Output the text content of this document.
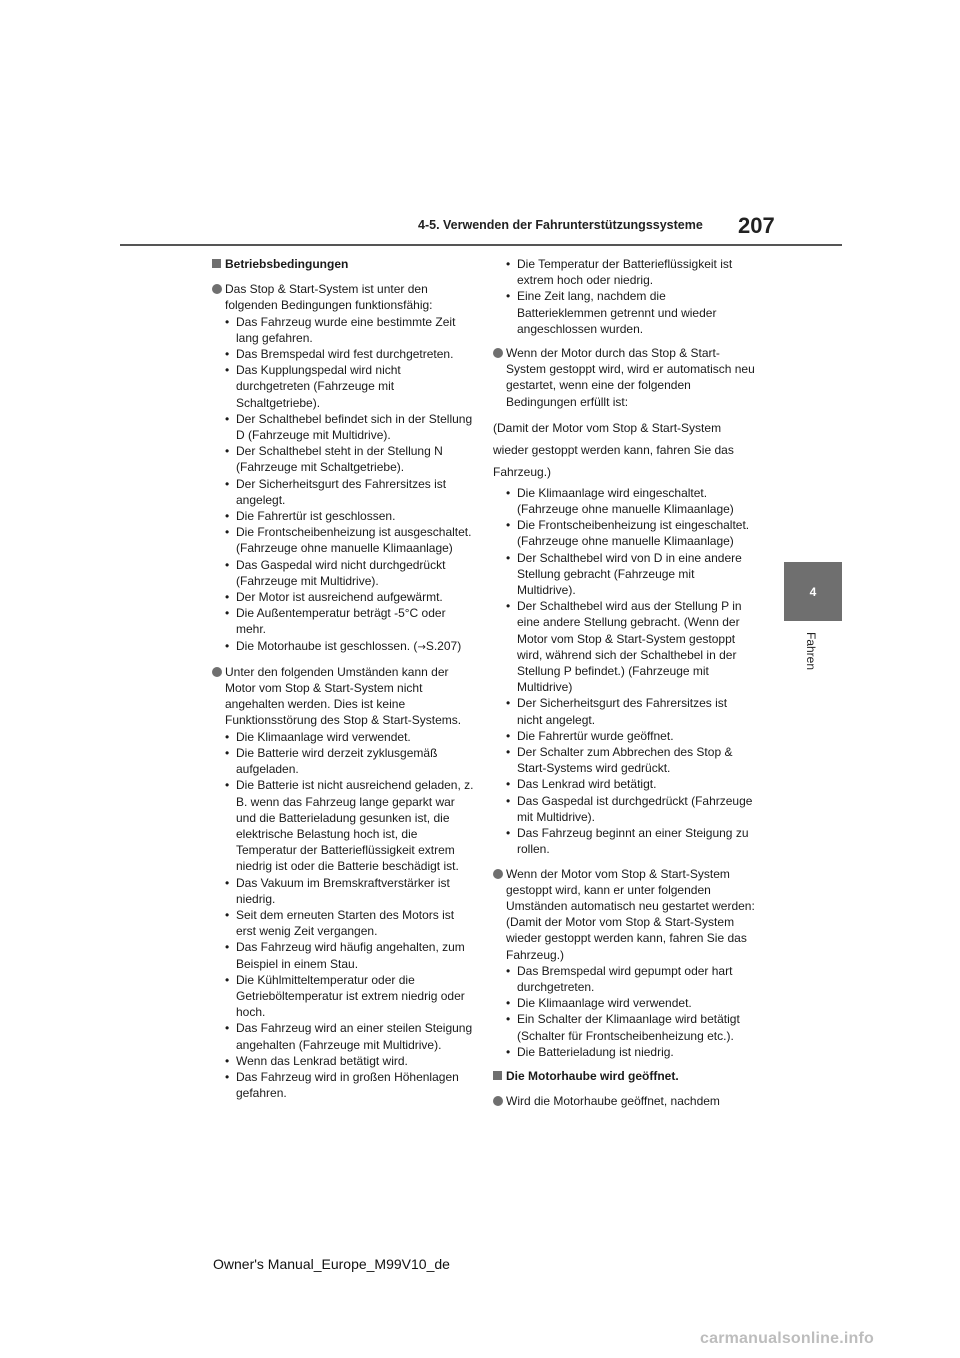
4-5. Verwenden der Fahrunterstützungssysteme 207
4
Fahren
Betriebsbedingungen
Das Stop & Start-System ist unter den folgenden Bedingungen funktionsfähig:
• Das Fahrzeug wurde eine bestimmte Zeit lang gefahren.
• Das Bremspedal wird fest durchgetreten.
• Das Kupplungspedal wird nicht durchgetreten (Fahrzeuge mit Schaltgetriebe).
• Der Schalthebel befindet sich in der Stellung D (Fahrzeuge mit Multidrive).
• Der Schalthebel steht in der Stellung N (Fahrzeuge mit Schaltgetriebe).
• Der Sicherheitsgurt des Fahrersitzes ist angelegt.
• Die Fahrertür ist geschlossen.
• Die Frontscheibenheizung ist ausgeschaltet. (Fahrzeuge ohne manuelle Klimaanlage)
• Das Gaspedal wird nicht durchgedrückt (Fahrzeuge mit Multidrive).
• Der Motor ist ausreichend aufgewärmt.
• Die Außentemperatur beträgt -5°C oder mehr.
• Die Motorhaube ist geschlossen. (→S.207)
Unter den folgenden Umständen kann der Motor vom Stop & Start-System nicht angehalten werden. Dies ist keine Funktionsstörung des Stop & Start-Systems.
• Die Klimaanlage wird verwendet.
• Die Batterie wird derzeit zyklusgemäß aufgeladen.
• Die Batterie ist nicht ausreichend geladen, z. B. wenn das Fahrzeug lange geparkt war und die Batterieladung gesunken ist, die elektrische Belastung hoch ist, die Temperatur der Batterieflüssigkeit extrem niedrig ist oder die Batterie beschädigt ist.
• Das Vakuum im Bremskraftverstärker ist niedrig.
• Seit dem erneuten Starten des Motors ist erst wenig Zeit vergangen.
• Das Fahrzeug wird häufig angehalten, zum Beispiel in einem Stau.
• Die Kühlmitteltemperatur oder die Getrieböltemperatur ist extrem niedrig oder hoch.
• Das Fahrzeug wird an einer steilen Steigung angehalten (Fahrzeuge mit Multidrive).
• Wenn das Lenkrad betätigt wird.
• Das Fahrzeug wird in großen Höhenlagen gefahren.
• Die Temperatur der Batterieflüssigkeit ist extrem hoch oder niedrig.
• Eine Zeit lang, nachdem die Batterieklemmen getrennt und wieder angeschlossen wurden.
Wenn der Motor durch das Stop & Start-System gestoppt wird, wird er automatisch neu gestartet, wenn eine der folgenden Bedingungen erfüllt ist:

(Damit der Motor vom Stop & Start-System

wieder gestoppt werden kann, fahren Sie das

Fahrzeug.)

• Die Klimaanlage wird eingeschaltet. (Fahrzeuge ohne manuelle Klimaanlage)
• Die Frontscheibenheizung ist eingeschaltet. (Fahrzeuge ohne manuelle Klimaanlage)
• Der Schalthebel wird von D in eine andere Stellung gebracht (Fahrzeuge mit Multidrive).
• Der Schalthebel wird aus der Stellung P in eine andere Stellung gebracht. (Wenn der Motor vom Stop & Start-System gestoppt wird, während sich der Schalthebel in der Stellung P befindet.) (Fahrzeuge mit Multidrive)
• Der Sicherheitsgurt des Fahrersitzes ist nicht angelegt.
• Die Fahrertür wurde geöffnet.
• Der Schalter zum Abbrechen des Stop & Start-Systems wird gedrückt.
• Das Lenkrad wird betätigt.
• Das Gaspedal ist durchgedrückt (Fahrzeuge mit Multidrive).
• Das Fahrzeug beginnt an einer Steigung zu rollen.
Wenn der Motor vom Stop & Start-System gestoppt wird, kann er unter folgenden Umständen automatisch neu gestartet werden: (Damit der Motor vom Stop & Start-System wieder gestoppt werden kann, fahren Sie das Fahrzeug.)
• Das Bremspedal wird gepumpt oder hart durchgetreten.
• Die Klimaanlage wird verwendet.
• Ein Schalter der Klimaanlage wird betätigt (Schalter für Frontscheibenheizung etc.).
• Die Batterieladung ist niedrig.
Die Motorhaube wird geöffnet.
Wird die Motorhaube geöffnet, nachdem
Owner's Manual_Europe_M99V10_de
carmanualsonline.info
